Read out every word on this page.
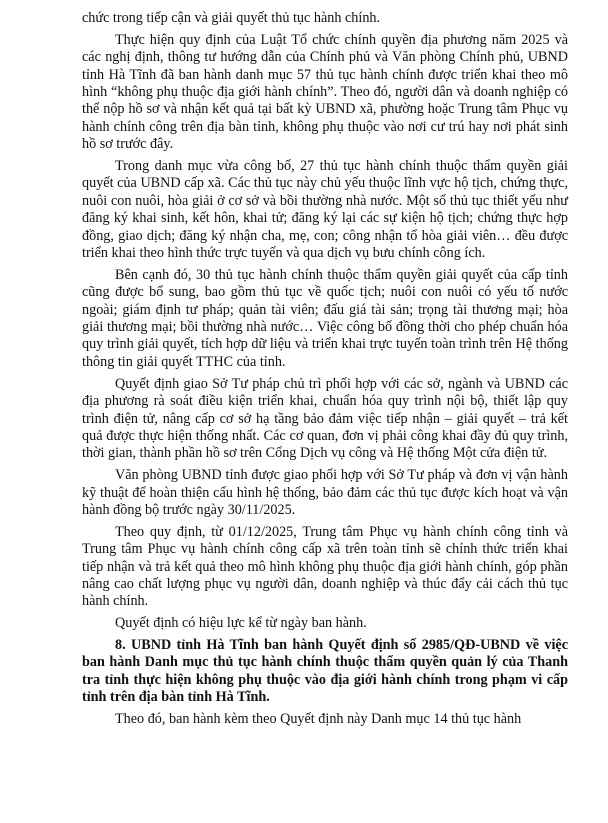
chức trong tiếp cận và giải quyết thủ tục hành chính.

Thực hiện quy định của Luật Tổ chức chính quyền địa phương năm 2025 và các nghị định, thông tư hướng dẫn của Chính phủ và Văn phòng Chính phủ, UBND tỉnh Hà Tĩnh đã ban hành danh mục 57 thủ tục hành chính được triển khai theo mô hình “không phụ thuộc địa giới hành chính”. Theo đó, người dân và doanh nghiệp có thể nộp hồ sơ và nhận kết quả tại bất kỳ UBND xã, phường hoặc Trung tâm Phục vụ hành chính công trên địa bàn tỉnh, không phụ thuộc vào nơi cư trú hay nơi phát sinh hồ sơ trước đây.

Trong danh mục vừa công bố, 27 thủ tục hành chính thuộc thẩm quyền giải quyết của UBND cấp xã. Các thủ tục này chủ yếu thuộc lĩnh vực hộ tịch, chứng thực, nuôi con nuôi, hòa giải ở cơ sở và bồi thường nhà nước. Một số thủ tục thiết yếu như đăng ký khai sinh, kết hôn, khai tử; đăng ký lại các sự kiện hộ tịch; chứng thực hợp đồng, giao dịch; đăng ký nhận cha, mẹ, con; công nhận tổ hòa giải viên… đều được triển khai theo hình thức trực tuyến và qua dịch vụ bưu chính công ích.

Bên cạnh đó, 30 thủ tục hành chính thuộc thẩm quyền giải quyết của cấp tỉnh cũng được bổ sung, bao gồm thủ tục về quốc tịch; nuôi con nuôi có yếu tố nước ngoài; giám định tư pháp; quản tài viên; đấu giá tài sản; trọng tài thương mại; hòa giải thương mại; bồi thường nhà nước… Việc công bố đồng thời cho phép chuẩn hóa quy trình giải quyết, tích hợp dữ liệu và triển khai trực tuyến toàn trình trên Hệ thống thông tin giải quyết TTHC của tỉnh.

Quyết định giao Sở Tư pháp chủ trì phối hợp với các sở, ngành và UBND các địa phương rà soát điều kiện triển khai, chuẩn hóa quy trình nội bộ, thiết lập quy trình điện tử, nâng cấp cơ sở hạ tầng bảo đảm việc tiếp nhận – giải quyết – trả kết quả được thực hiện thống nhất. Các cơ quan, đơn vị phải công khai đầy đủ quy trình, thời gian, thành phần hồ sơ trên Cổng Dịch vụ công và Hệ thống Một cửa điện tử.

Văn phòng UBND tỉnh được giao phối hợp với Sở Tư pháp và đơn vị vận hành kỹ thuật để hoàn thiện cấu hình hệ thống, bảo đảm các thủ tục được kích hoạt và vận hành đồng bộ trước ngày 30/11/2025.

Theo quy định, từ 01/12/2025, Trung tâm Phục vụ hành chính công tỉnh và Trung tâm Phục vụ hành chính công cấp xã trên toàn tỉnh sẽ chính thức triển khai tiếp nhận và trả kết quả theo mô hình không phụ thuộc địa giới hành chính, góp phần nâng cao chất lượng phục vụ người dân, doanh nghiệp và thúc đẩy cải cách thủ tục hành chính.

Quyết định có hiệu lực kể từ ngày ban hành.

8. UBND tỉnh Hà Tĩnh ban hành Quyết định số 2985/QĐ-UBND về việc ban hành Danh mục thủ tục hành chính thuộc thẩm quyền quản lý của Thanh tra tỉnh thực hiện không phụ thuộc vào địa giới hành chính trong phạm vi cấp tỉnh trên địa bàn tỉnh Hà Tĩnh.

Theo đó, ban hành kèm theo Quyết định này Danh mục 14 thủ tục hành
